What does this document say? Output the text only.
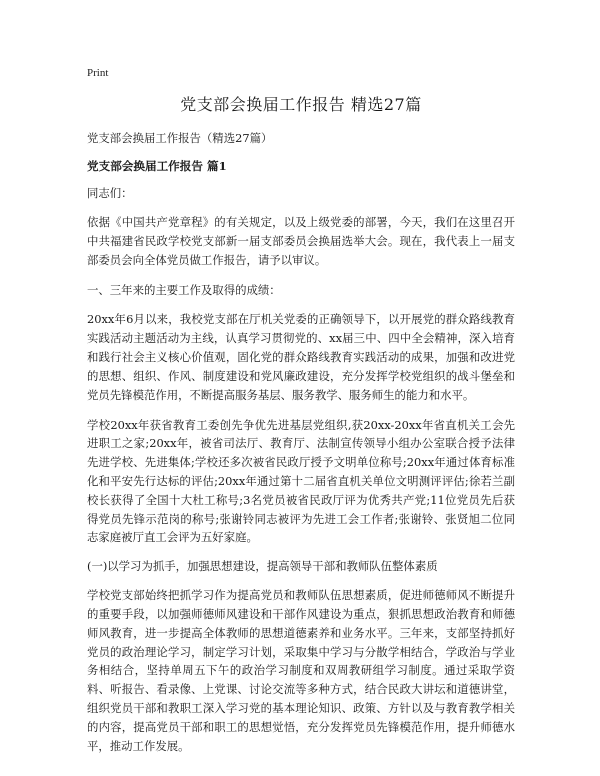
Print
党支部会换届工作报告 精选27篇
党支部会换届工作报告（精选27篇）
党支部会换届工作报告 篇1
同志们：

依据《中国共产党章程》的有关规定，以及上级党委的部署，今天，我们在这里召开中共福建省民政学校党支部新一届支部委员会换届选举大会。现在，我代表上一届支部委员会向全体党员做工作报告，请予以审议。

一、三年来的主要工作及取得的成绩：

20xx年6月以来，我校党支部在厅机关党委的正确领导下，以开展党的群众路线教育实践活动主题活动为主线，认真学习贯彻党的、xx届三中、四中全会精神，深入培育和践行社会主义核心价值观，固化党的群众路线教育实践活动的成果，加强和改进党的思想、组织、作风、制度建设和党风廉政建设，充分发挥学校党组织的战斗堡垒和党员先锋模范作用，不断提高服务基层、服务教学、服务师生的能力和水平。

学校20xx年获省教育工委创先争优先进基层党组织,获20xx-20xx年省直机关工会先进职工之家;20xx年，被省司法厅、教育厅、法制宣传领导小组办公室联合授予法律先进学校、先进集体;学校还多次被省民政厅授予文明单位称号;20xx年通过体育标准化和平安先行达标的评估;20xx年通过第十二届省直机关单位文明测评评估;徐若兰副校长获得了全国十大杜工称号;3名党员被省民政厅评为优秀共产党;11位党员先后获得党员先锋示范岗的称号;张谢铃同志被评为先进工会工作者;张谢铃、张贤旭二位同志家庭被厅直工会评为五好家庭。

(一)以学习为抓手，加强思想建设，提高领导干部和教师队伍整体素质

学校党支部始终把抓学习作为提高党员和教师队伍思想素质，促进师德师风不断提升的重要手段，以加强师德师风建设和干部作风建设为重点，狠抓思想政治教育和师德师风教育，进一步提高全体教师的思想道德素养和业务水平。三年来，支部坚持抓好党员的政治理论学习，制定学习计划，采取集中学习与分散学相结合，学政治与学业务相结合，坚持单周五下午的政治学习制度和双周教研组学习制度。通过采取学资料、听报告、看录像、上党课、讨论交流等多种方式，结合民政大讲坛和道德讲堂，组织党员干部和教职工深入学习党的基本理论知识、政策、方针以及与教育教学相关的内容，提高党员干部和职工的思想觉悟，充分发挥党员先锋模范作用，提升师德水平，推动工作发展。
